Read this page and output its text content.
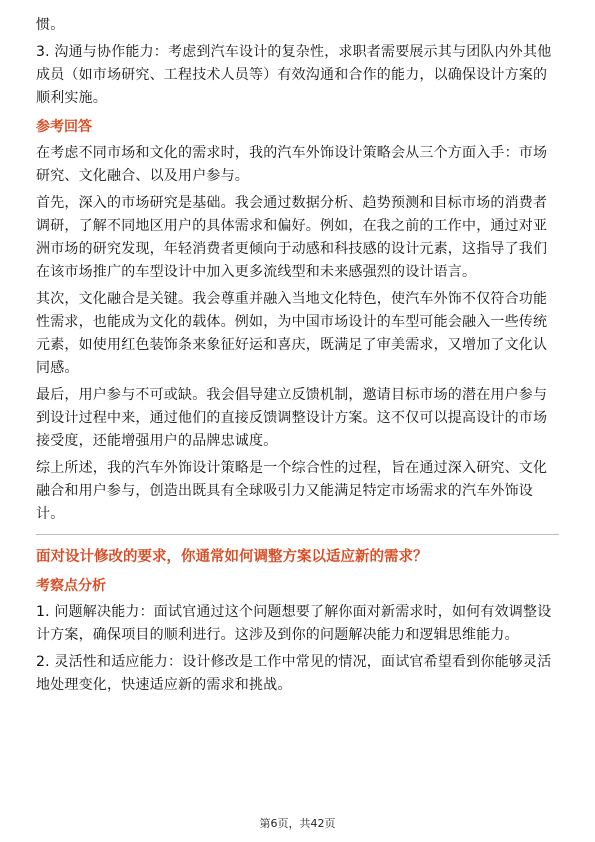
惯。

3. 沟通与协作能力：考虑到汽车设计的复杂性，求职者需要展示其与团队内外其他成员（如市场研究、工程技术人员等）有效沟通和合作的能力，以确保设计方案的顺利实施。

参考回答

在考虑不同市场和文化的需求时，我的汽车外饰设计策略会从三个方面入手：市场研究、文化融合、以及用户参与。

首先，深入的市场研究是基础。我会通过数据分析、趋势预测和目标市场的消费者调研，了解不同地区用户的具体需求和偏好。例如，在我之前的工作中，通过对亚洲市场的研究发现，年轻消费者更倾向于动感和科技感的设计元素，这指导了我们在该市场推广的车型设计中加入更多流线型和未来感强烈的设计语言。

其次，文化融合是关键。我会尊重并融入当地文化特色，使汽车外饰不仅符合功能性需求，也能成为文化的载体。例如，为中国市场设计的车型可能会融入一些传统元素，如使用红色装饰条来象征好运和喜庆，既满足了审美需求，又增加了文化认同感。

最后，用户参与不可或缺。我会倡导建立反馈机制，邀请目标市场的潜在用户参与到设计过程中来，通过他们的直接反馈调整设计方案。这不仅可以提高设计的市场接受度，还能增强用户的品牌忠诚度。

综上所述，我的汽车外饰设计策略是一个综合性的过程，旨在通过深入研究、文化融合和用户参与，创造出既具有全球吸引力又能满足特定市场需求的汽车外饰设计。

面对设计修改的要求，你通常如何调整方案以适应新的需求？
考察点分析

1. 问题解决能力：面试官通过这个问题想要了解你面对新需求时，如何有效调整设计方案，确保项目的顺利进行。这涉及到你的问题解决能力和逻辑思维能力。

2. 灵活性和适应能力：设计修改是工作中常见的情况，面试官希望看到你能够灵活地处理变化，快速适应新的需求和挑战。

第6页，共42页
